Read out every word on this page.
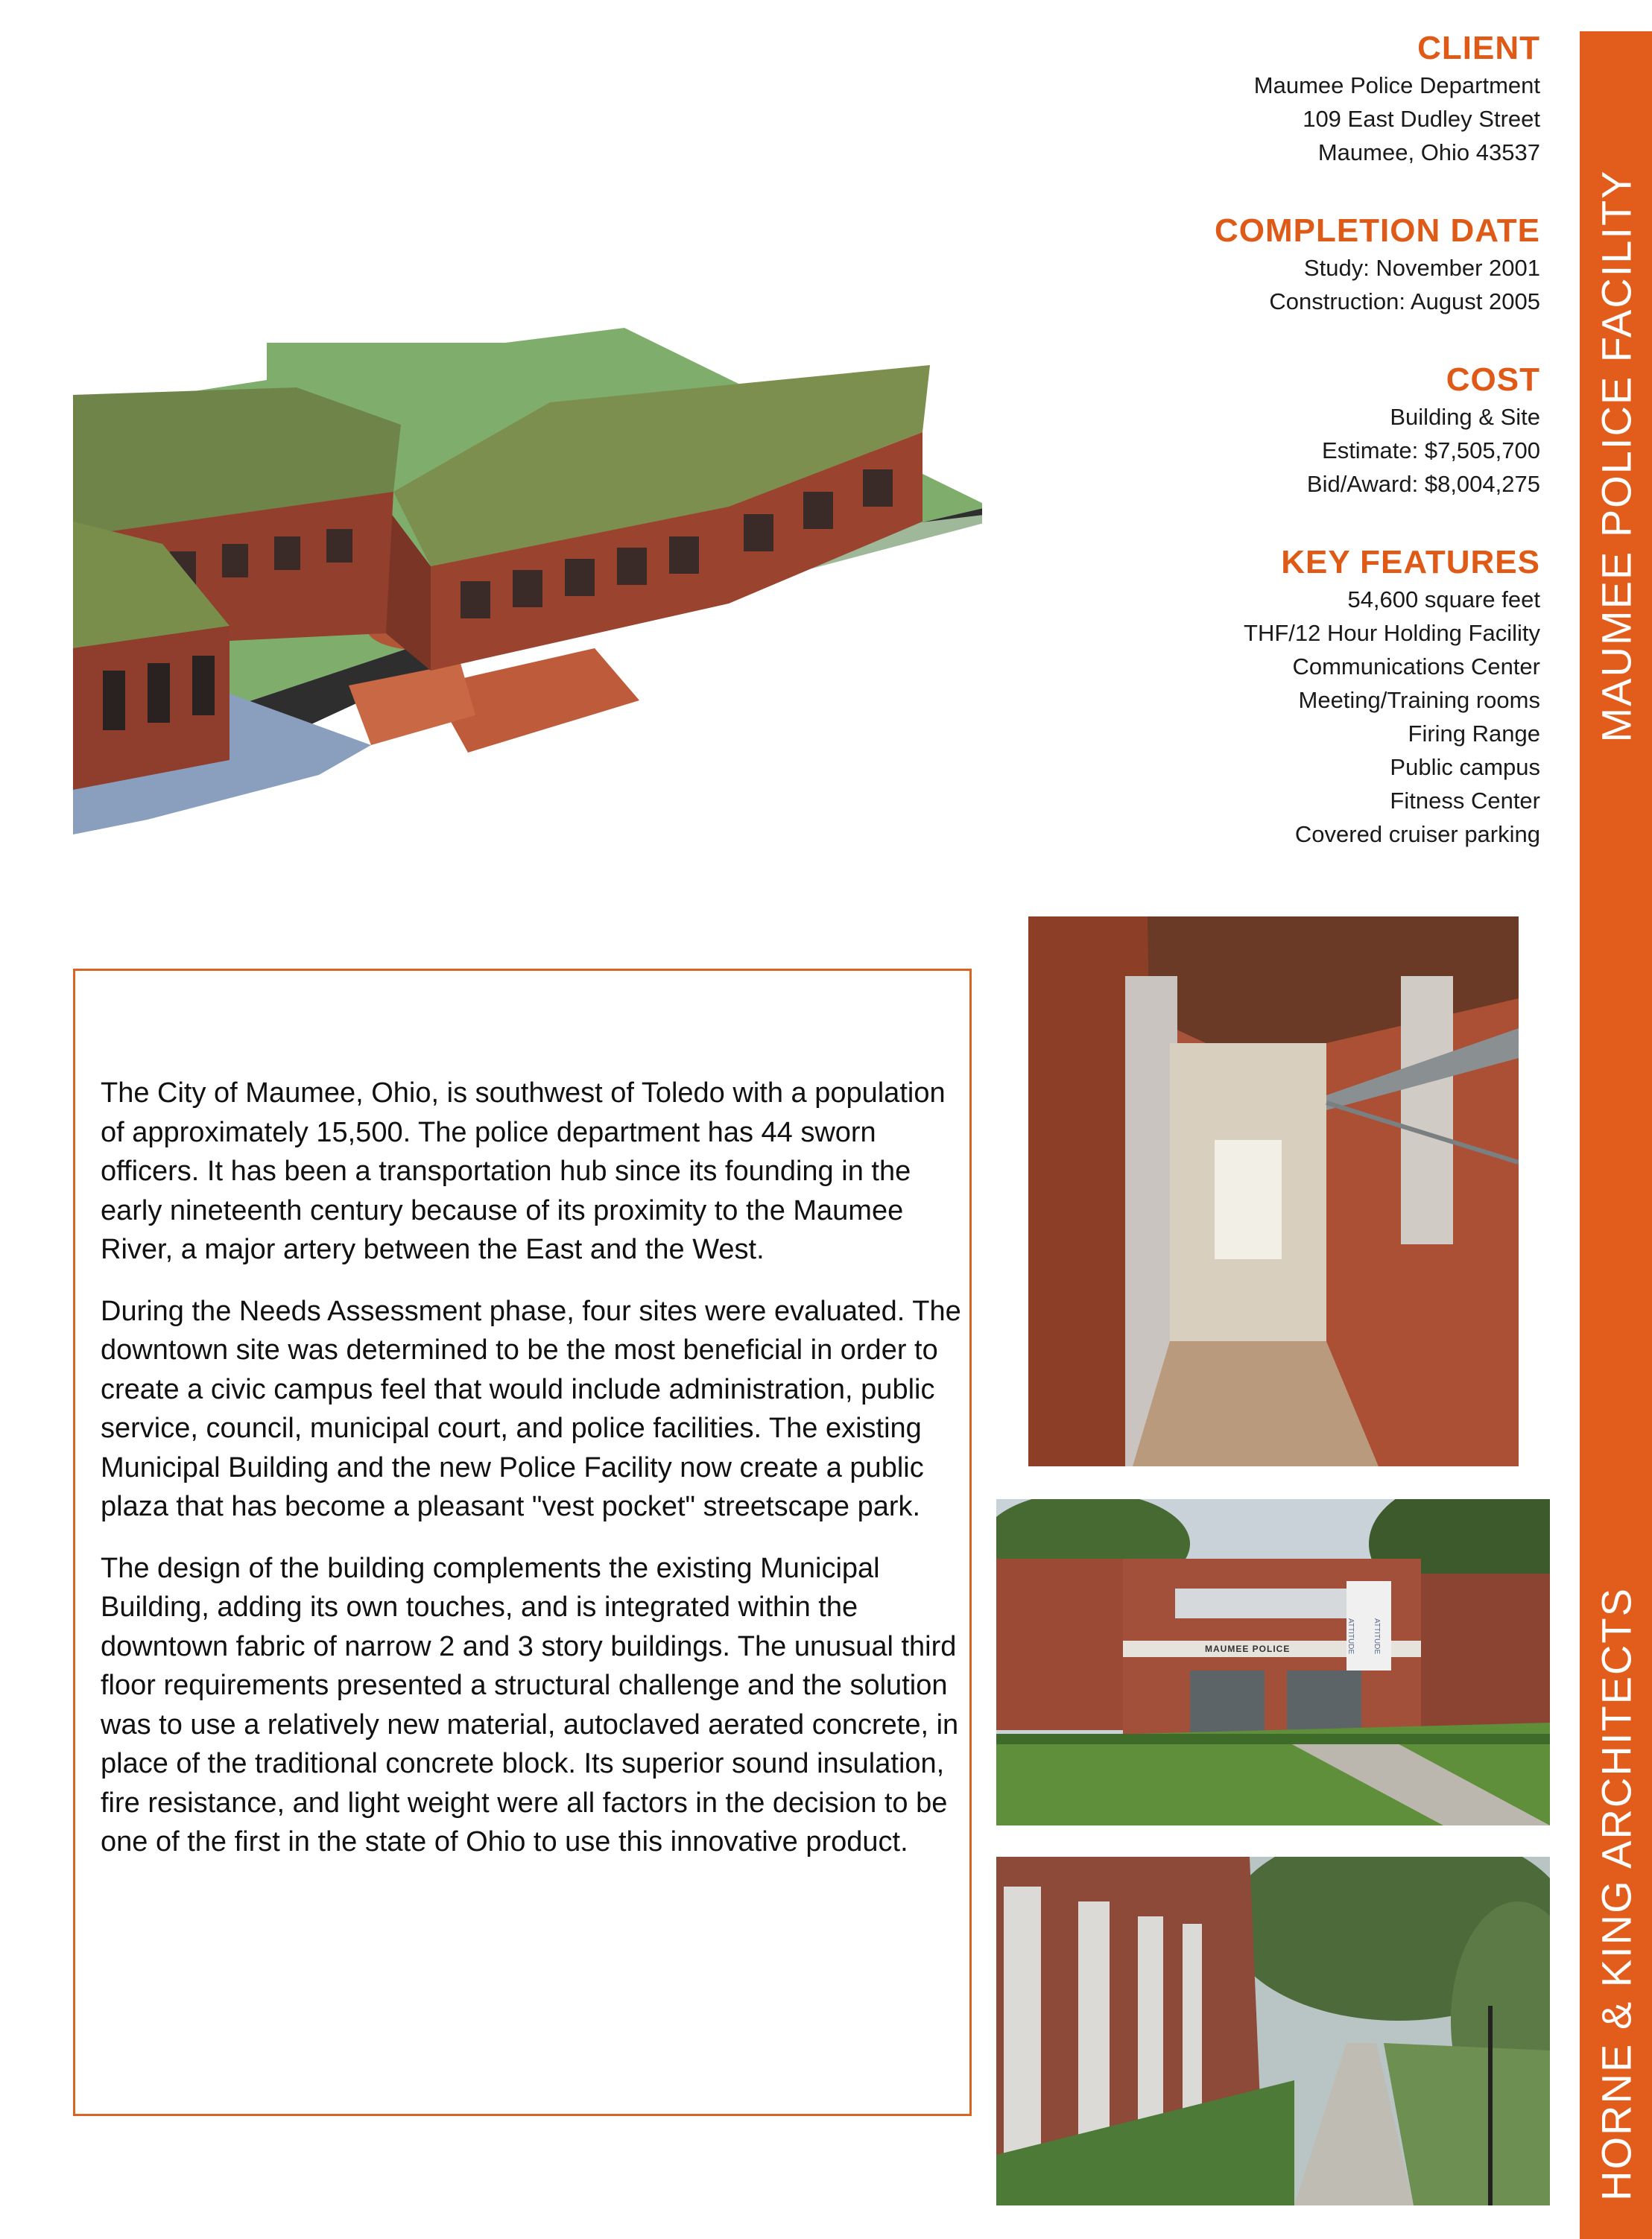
MAUMEE POLICE FACILITY
HORNE & KING ARCHITECTS
CLIENT
Maumee Police Department
109 East Dudley Street
Maumee, Ohio 43537
COMPLETION DATE
Study: November 2001
Construction: August 2005
COST
Building & Site
Estimate: $7,505,700
Bid/Award: $8,004,275
KEY FEATURES
54,600 square feet
THF/12 Hour Holding Facility
Communications Center
Meeting/Training rooms
Firing Range
Public campus
Fitness Center
Covered cruiser parking
MAUMEE POLICE	ATTITUDE ATTITUDE

The City of Maumee, Ohio, is southwest of Toledo with a population of approximately 15,500. The police department has 44 sworn officers. It has been a transportation hub since its founding in the early nineteenth century because of its proximity to the Maumee River, a major artery between the East and the West.

During the Needs Assessment phase, four sites were evaluated. The downtown site was determined to be the most beneficial in order to create a civic campus feel that would include administration, public service, council, municipal court, and police facilities. The existing Municipal Building and the new Police Facility now create a public plaza that has become a pleasant "vest pocket" streetscape park.

The design of the building complements the existing Municipal Building, adding its own touches, and is integrated within the downtown fabric of narrow 2 and 3 story buildings. The unusual third floor requirements presented a structural challenge and the solution was to use a relatively new material, autoclaved aerated concrete, in place of the traditional concrete block. Its superior sound insulation, fire resistance, and light weight were all factors in the decision to be one of the first in the state of Ohio to use this innovative product.
